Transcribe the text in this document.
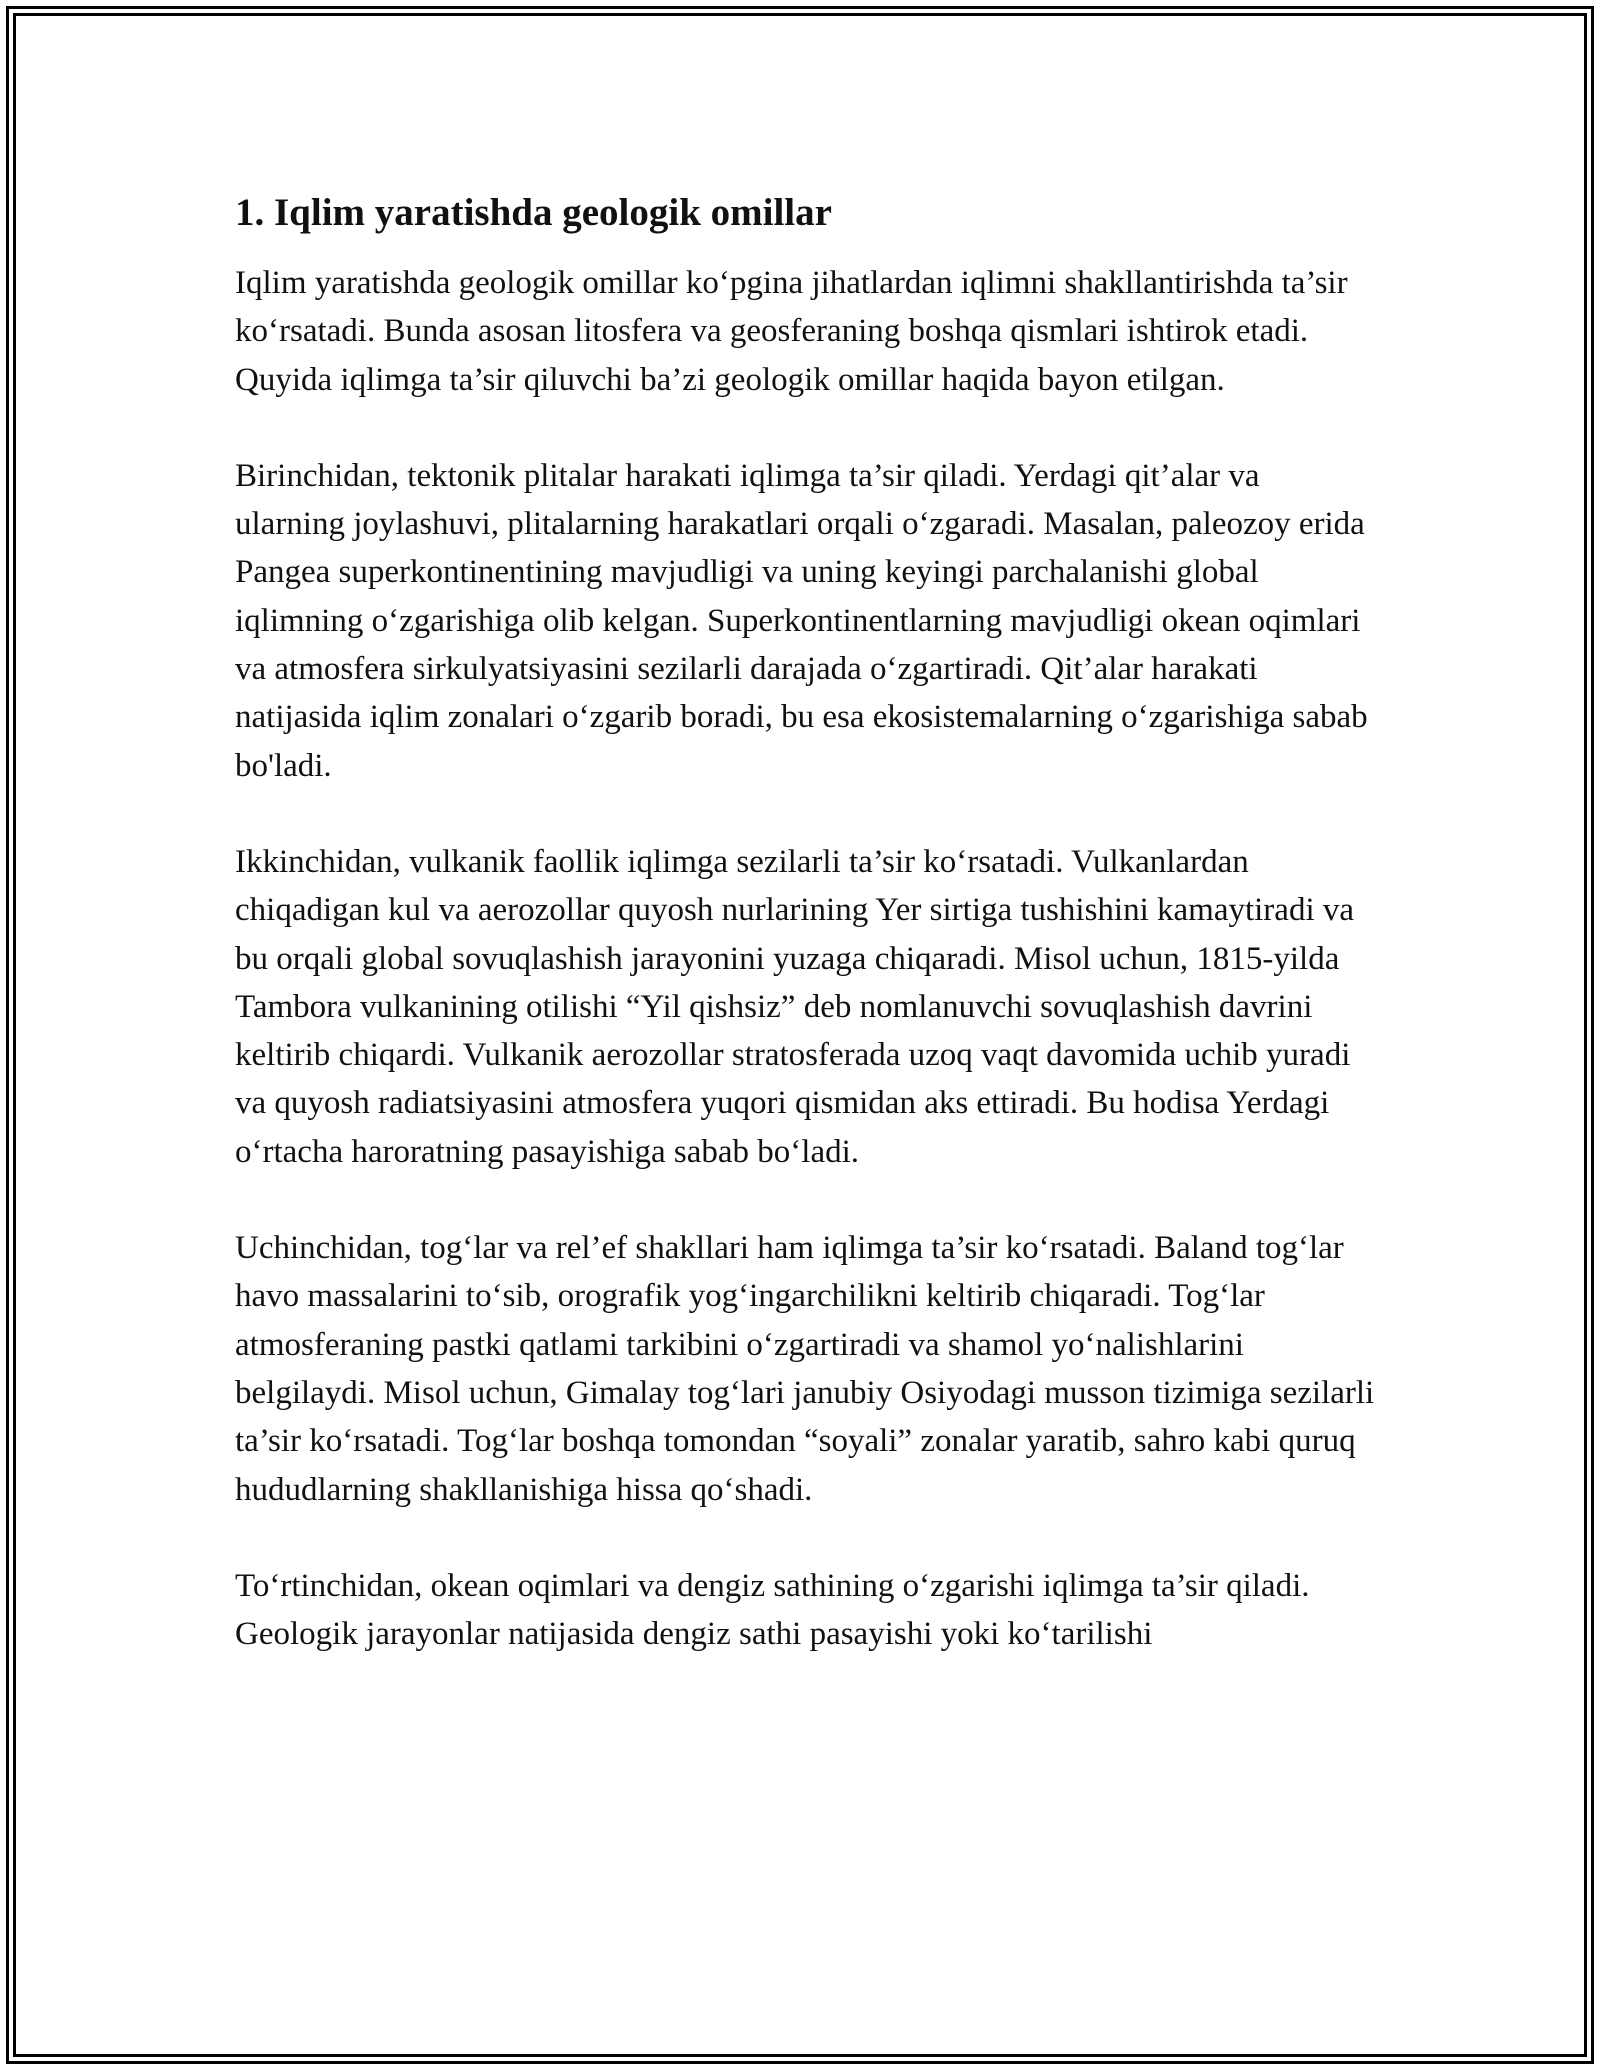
1. Iqlim yaratishda geologik omillar

Iqlim yaratishda geologik omillar ko‘pgina jihatlardan iqlimni shakllantirishda ta’sir ko‘rsatadi. Bunda asosan litosfera va geosferaning boshqa qismlari ishtirok etadi. Quyida iqlimga ta’sir qiluvchi ba’zi geologik omillar haqida bayon etilgan.

Birinchidan, tektonik plitalar harakati iqlimga ta’sir qiladi. Yerdagi qit’alar va ularning joylashuvi, plitalarning harakatlari orqali o‘zgaradi. Masalan, paleozoy erida Pangea superkontinentining mavjudligi va uning keyingi parchalanishi global iqlimning o‘zgarishiga olib kelgan. Superkontinentlarning mavjudligi okean oqimlari va atmosfera sirkulyatsiyasini sezilarli darajada o‘zgartiradi. Qit’alar harakati natijasida iqlim zonalari o‘zgarib boradi, bu esa ekosistemalarning o‘zgarishiga sabab bo'ladi.

Ikkinchidan, vulkanik faollik iqlimga sezilarli ta’sir ko‘rsatadi. Vulkanlardan chiqadigan kul va aerozollar quyosh nurlarining Yer sirtiga tushishini kamaytiradi va bu orqali global sovuqlashish jarayonini yuzaga chiqaradi. Misol uchun, 1815-yilda Tambora vulkanining otilishi “Yil qishsiz” deb nomlanuvchi sovuqlashish davrini keltirib chiqardi. Vulkanik aerozollar stratosferada uzoq vaqt davomida uchib yuradi va quyosh radiatsiyasini atmosfera yuqori qismidan aks ettiradi. Bu hodisa Yerdagi o‘rtacha haroratning pasayishiga sabab bo‘ladi.

Uchinchidan, tog‘lar va rel’ef shakllari ham iqlimga ta’sir ko‘rsatadi. Baland tog‘lar havo massalarini to‘sib, orografik yog‘ingarchilikni keltirib chiqaradi. Tog‘lar atmosferaning pastki qatlami tarkibini o‘zgartiradi va shamol yo‘nalishlarini belgilaydi. Misol uchun, Gimalay tog‘lari janubiy Osiyodagi musson tizimiga sezilarli ta’sir ko‘rsatadi. Tog‘lar boshqa tomondan “soyali” zonalar yaratib, sahro kabi quruq hududlarning shakllanishiga hissa qo‘shadi.

To‘rtinchidan, okean oqimlari va dengiz sathining o‘zgarishi iqlimga ta’sir qiladi. Geologik jarayonlar natijasida dengiz sathi pasayishi yoki ko‘tarilishi
